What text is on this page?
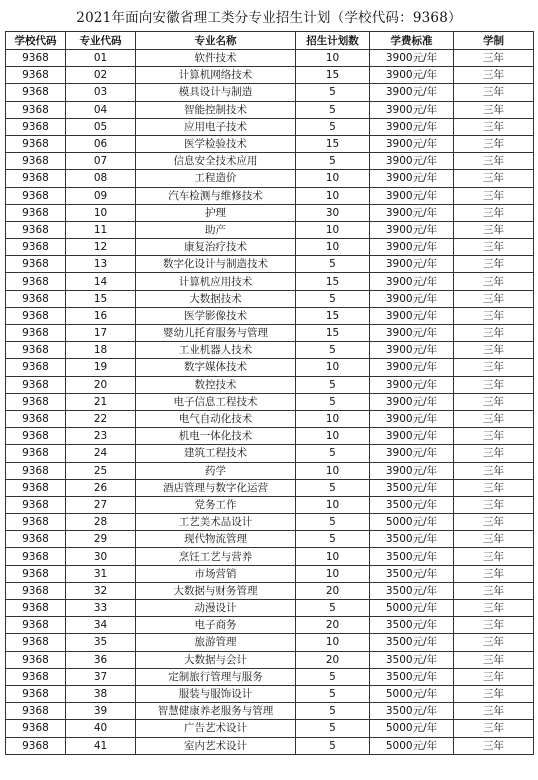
2021年面向安徽省理工类分专业招生计划（学校代码：9368）
学校代码	专业代码	专业名称	招生计划数	学费标准	学制
9368	01	软件技术	10	3900元/年	三年
9368	02	计算机网络技术	15	3900元/年	三年
9368	03	模具设计与制造	5	3900元/年	三年
9368	04	智能控制技术	5	3900元/年	三年
9368	05	应用电子技术	5	3900元/年	三年
9368	06	医学检验技术	15	3900元/年	三年
9368	07	信息安全技术应用	5	3900元/年	三年
9368	08	工程造价	10	3900元/年	三年
9368	09	汽车检测与维修技术	10	3900元/年	三年
9368	10	护理	30	3900元/年	三年
9368	11	助产	10	3900元/年	三年
9368	12	康复治疗技术	10	3900元/年	三年
9368	13	数字化设计与制造技术	5	3900元/年	三年
9368	14	计算机应用技术	15	3900元/年	三年
9368	15	大数据技术	5	3900元/年	三年
9368	16	医学影像技术	15	3900元/年	三年
9368	17	婴幼儿托育服务与管理	15	3900元/年	三年
9368	18	工业机器人技术	5	3900元/年	三年
9368	19	数字媒体技术	10	3900元/年	三年
9368	20	数控技术	5	3900元/年	三年
9368	21	电子信息工程技术	5	3900元/年	三年
9368	22	电气自动化技术	10	3900元/年	三年
9368	23	机电一体化技术	10	3900元/年	三年
9368	24	建筑工程技术	5	3900元/年	三年
9368	25	药学	10	3900元/年	三年
9368	26	酒店管理与数字化运营	5	3500元/年	三年
9368	27	党务工作	10	3500元/年	三年
9368	28	工艺美术品设计	5	5000元/年	三年
9368	29	现代物流管理	5	3500元/年	三年
9368	30	烹饪工艺与营养	10	3500元/年	三年
9368	31	市场营销	10	3500元/年	三年
9368	32	大数据与财务管理	20	3500元/年	三年
9368	33	动漫设计	5	5000元/年	三年
9368	34	电子商务	20	3500元/年	三年
9368	35	旅游管理	10	3500元/年	三年
9368	36	大数据与会计	20	3500元/年	三年
9368	37	定制旅行管理与服务	5	3500元/年	三年
9368	38	服装与服饰设计	5	5000元/年	三年
9368	39	智慧健康养老服务与管理	5	3500元/年	三年
9368	40	广告艺术设计	5	5000元/年	三年
9368	41	室内艺术设计	5	5000元/年	三年
